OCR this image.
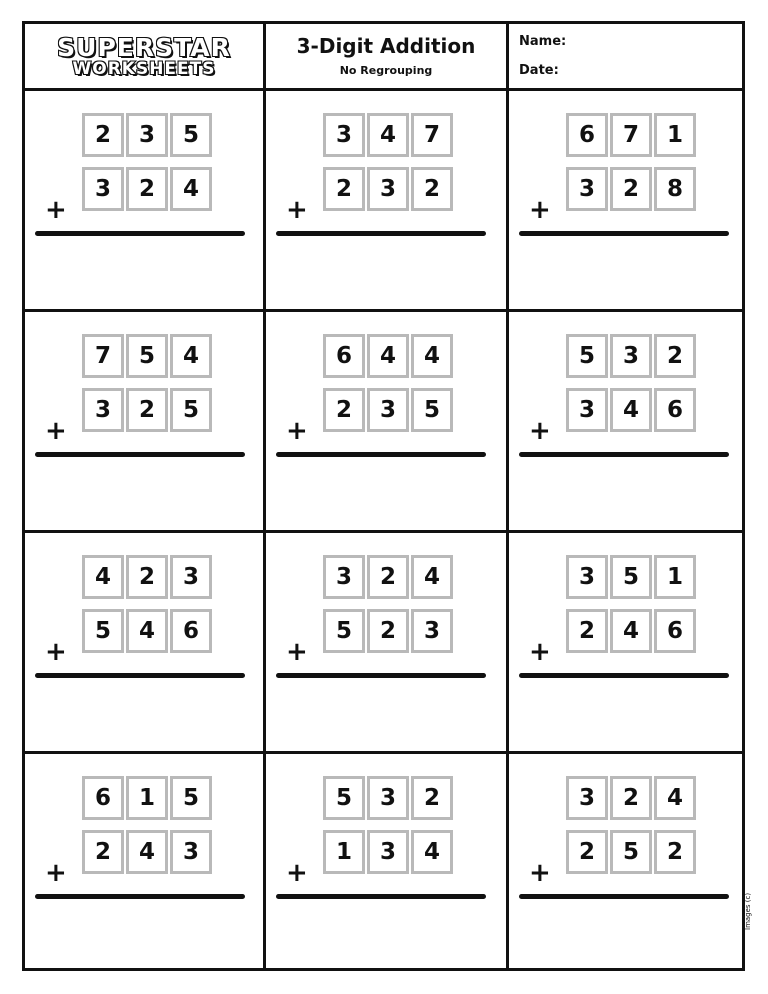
SUPERSTAR
WORKSHEETS
3-Digit Addition
No Regrouping
Name:
Date:
2	3	5
3	2	4
+
3	4	7
2	3	2
+
6	7	1
3	2	8
+
7	5	4
3	2	5
+
6	4	4
2	3	5
+
5	3	2
3	4	6
+
4	2	3
5	4	6
+
3	2	4
5	2	3
+
3	5	1
2	4	6
+
6	1	5
2	4	3
+
5	3	2
1	3	4
+
3	2	4
2	5	2
+
Images (c)
